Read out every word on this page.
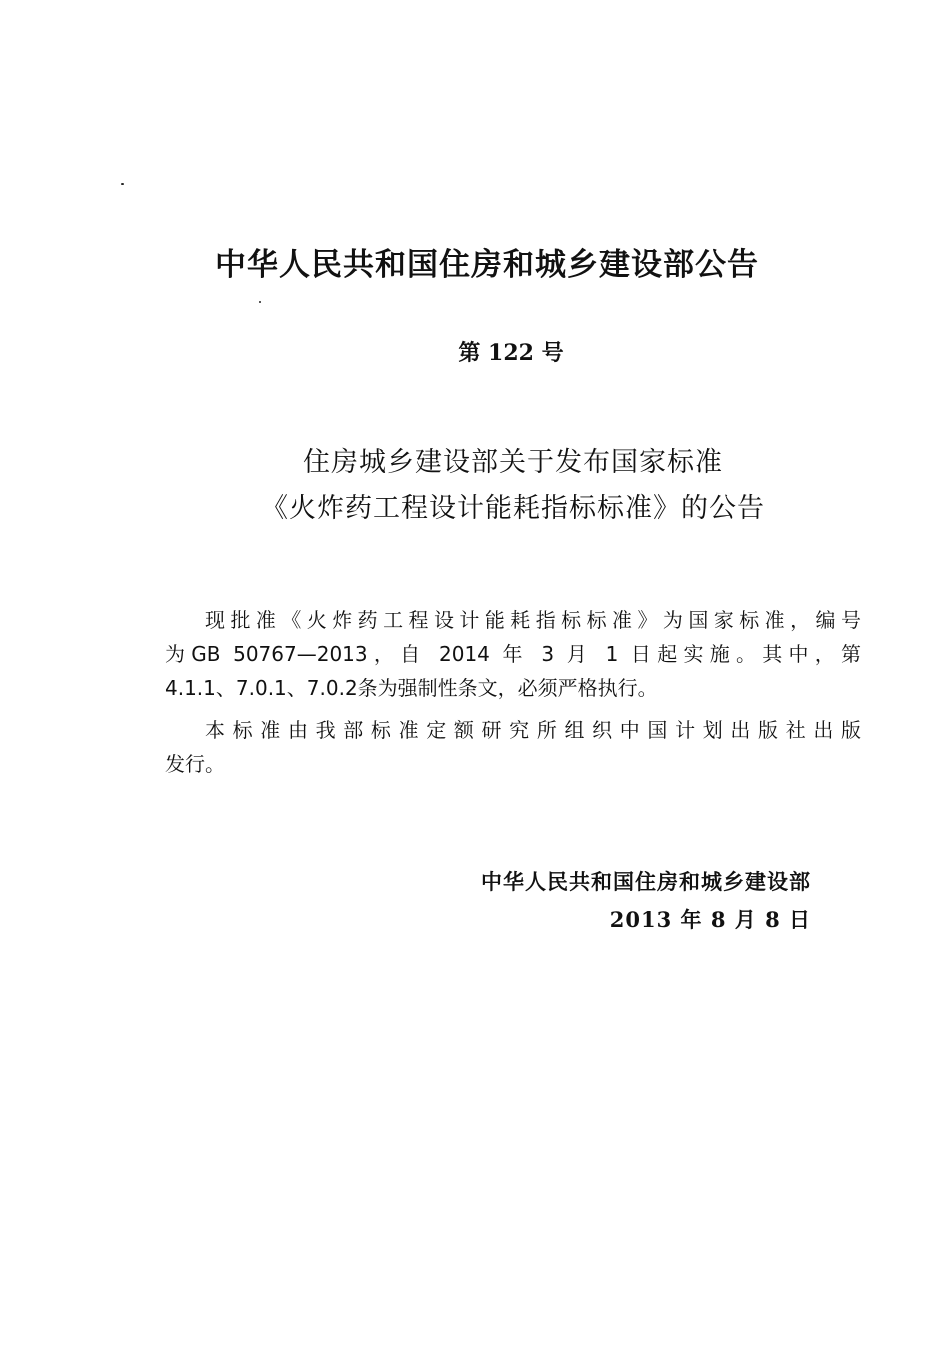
中华人民共和国住房和城乡建设部公告
第 122 号
住房城乡建设部关于发布国家标准
《火炸药工程设计能耗指标标准》的公告
现批准《火炸药工程设计能耗指标标准》为国家标准，编号
为GB 50767—2013，自 2014 年 3 月 1 日起实施。其中，第
4.1.1、7.0.1、7.0.2条为强制性条文，必须严格执行。
本标准由我部标准定额研究所组织中国计划出版社出版
发行。
中华人民共和国住房和城乡建设部
2013 年 8 月 8 日
